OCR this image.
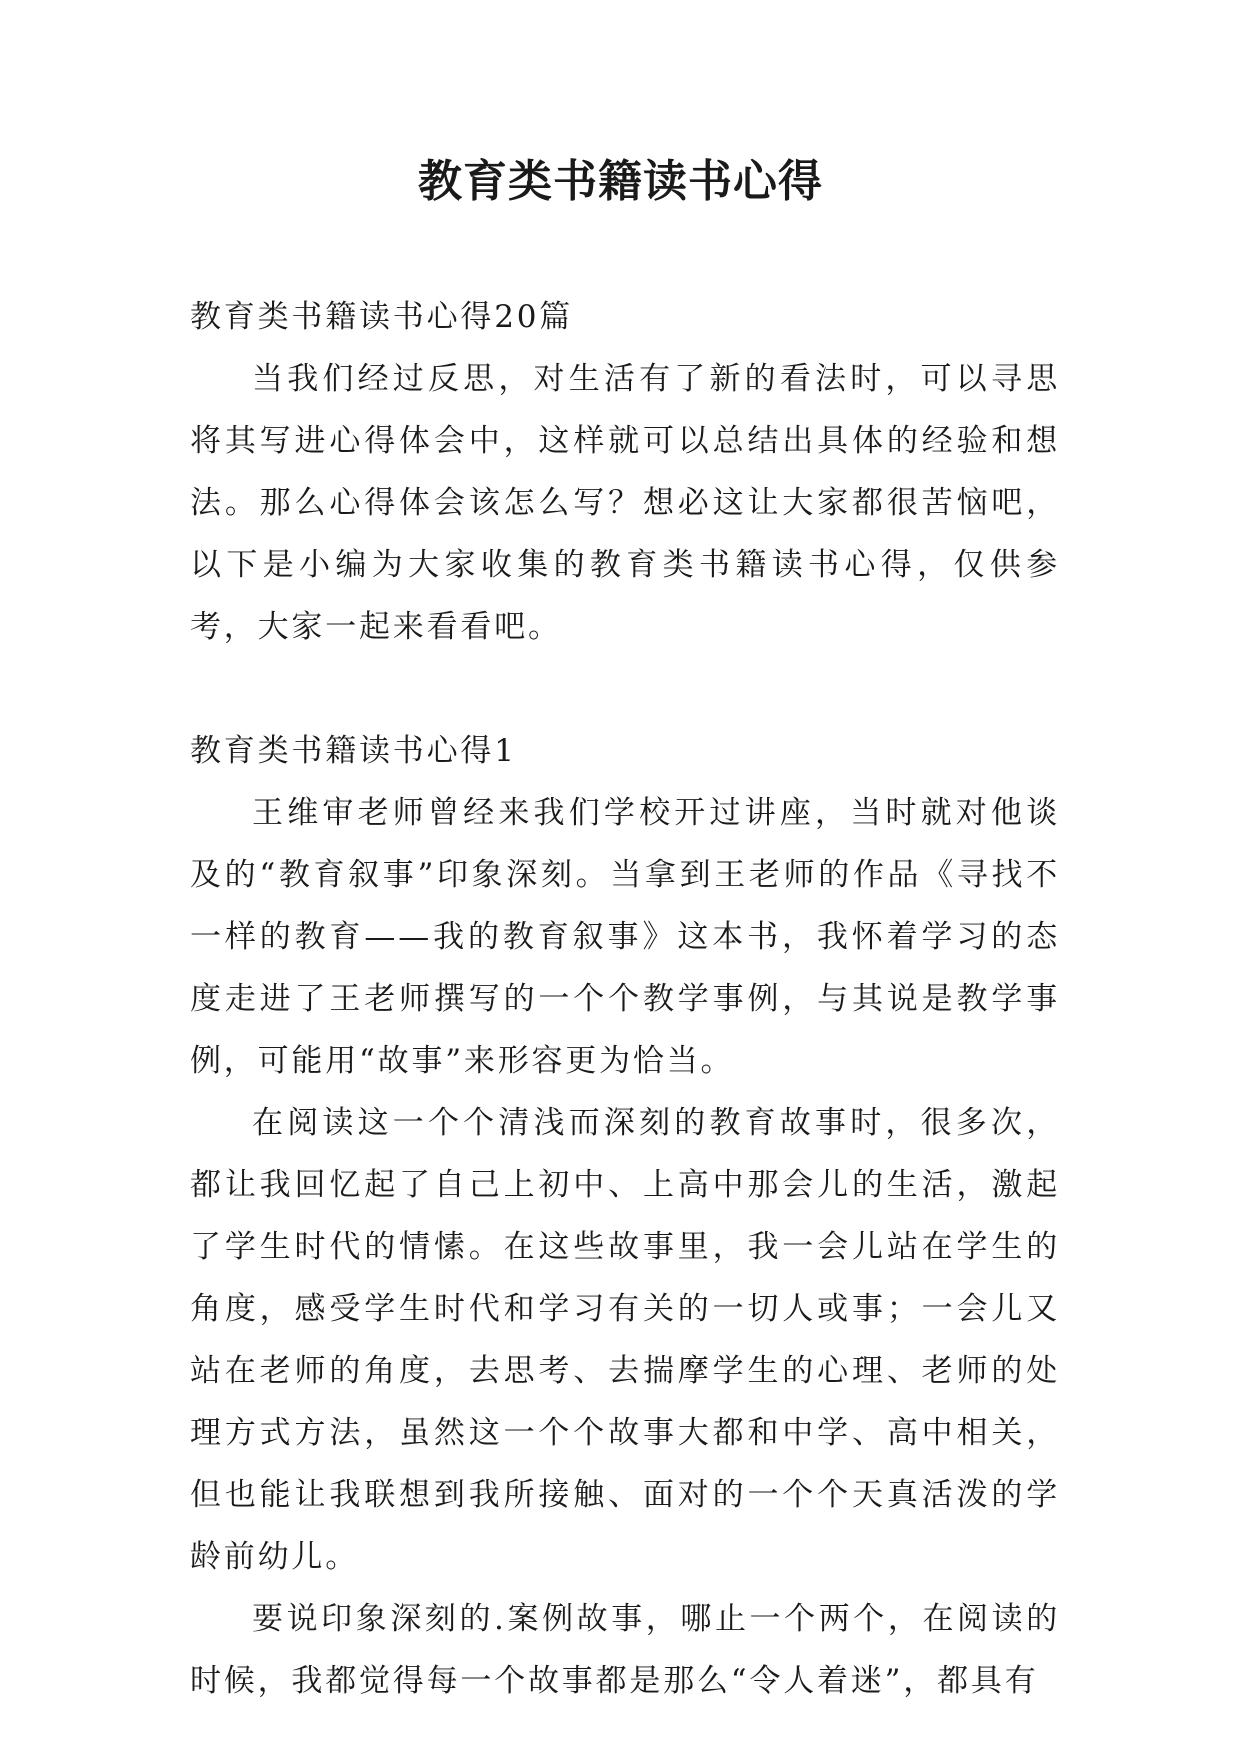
教育类书籍读书心得
教育类书籍读书心得20篇

当我们经过反思，对生活有了新的看法时，可以寻思将其写进心得体会中，这样就可以总结出具体的经验和想法。那么心得体会该怎么写？想必这让大家都很苦恼吧，以下是小编为大家收集的教育类书籍读书心得，仅供参考，大家一起来看看吧。

教育类书籍读书心得1

王维审老师曾经来我们学校开过讲座，当时就对他谈及的“教育叙事”印象深刻。当拿到王老师的作品《寻找不一样的教育——我的教育叙事》这本书，我怀着学习的态度走进了王老师撰写的一个个教学事例，与其说是教学事例，可能用“故事”来形容更为恰当。

在阅读这一个个清浅而深刻的教育故事时，很多次，都让我回忆起了自己上初中、上高中那会儿的生活，激起了学生时代的情愫。在这些故事里，我一会儿站在学生的角度，感受学生时代和学习有关的一切人或事；一会儿又站在老师的角度，去思考、去揣摩学生的心理、老师的处理方式方法，虽然这一个个故事大都和中学、高中相关，但也能让我联想到我所接触、面对的一个个天真活泼的学龄前幼儿。

要说印象深刻的.案例故事，哪止一个两个，在阅读的时候，我都觉得每一个故事都是那么“令人着迷”，都具有
